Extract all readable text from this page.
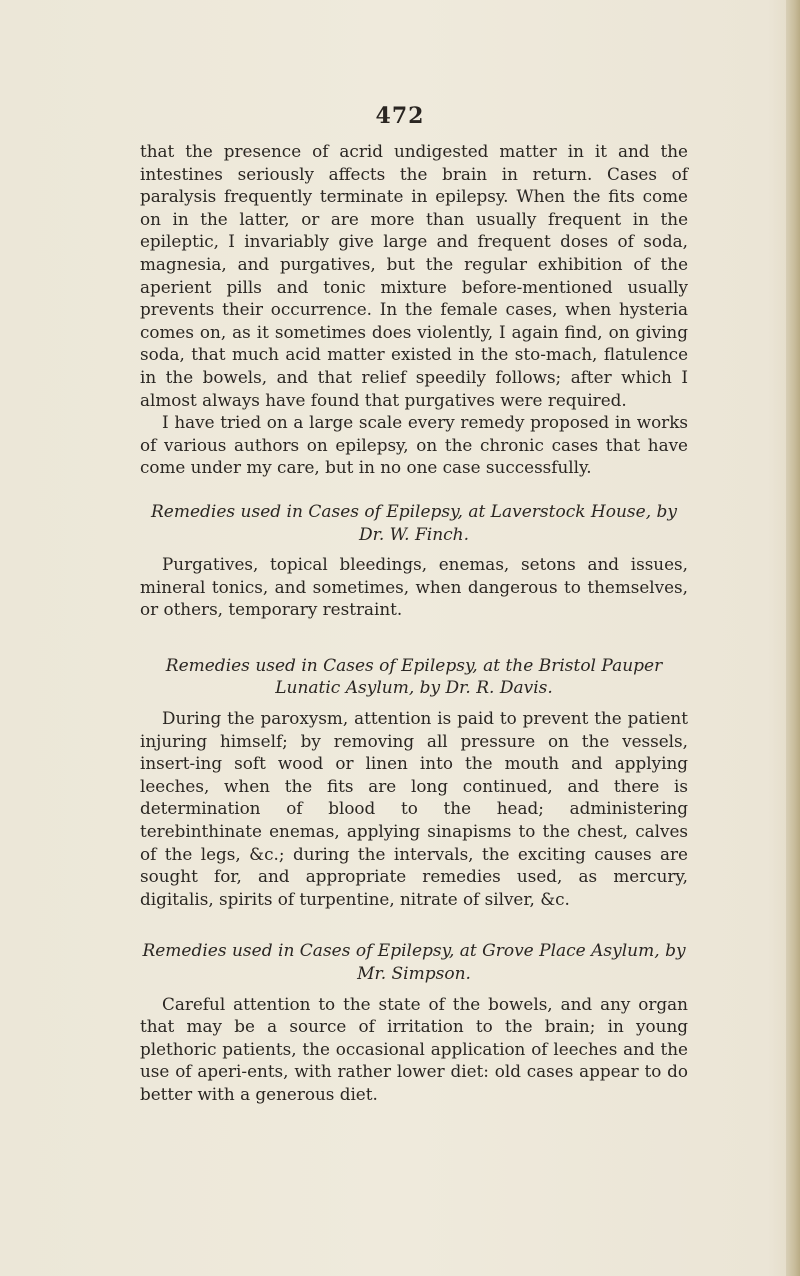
472

that the presence of acrid undigested matter in it and the intestines seriously affects the brain in return. Cases of paralysis frequently terminate in epilepsy. When the fits come on in the latter, or are more than usually frequent in the epileptic, I invariably give large and frequent doses of soda, magnesia, and purgatives, but the regular exhibition of the aperient pills and tonic mixture before-mentioned usually prevents their occurrence. In the female cases, when hysteria comes on, as it sometimes does violently, I again find, on giving soda, that much acid matter existed in the sto-mach, flatulence in the bowels, and that relief speedily follows; after which I almost always have found that purgatives were required.

I have tried on a large scale every remedy proposed in works of various authors on epilepsy, on the chronic cases that have come under my care, but in no one case successfully.

Remedies used in Cases of Epilepsy, at Laverstock House, by Dr. W. Finch.

Purgatives, topical bleedings, enemas, setons and issues, mineral tonics, and sometimes, when dangerous to themselves, or others, temporary restraint.

Remedies used in Cases of Epilepsy, at the Bristol Pauper Lunatic Asylum, by Dr. R. Davis.

During the paroxysm, attention is paid to prevent the patient injuring himself; by removing all pressure on the vessels, insert-ing soft wood or linen into the mouth and applying leeches, when the fits are long continued, and there is determination of blood to the head; administering terebinthinate enemas, applying sinapisms to the chest, calves of the legs, &c.; during the intervals, the exciting causes are sought for, and appropriate remedies used, as mercury, digitalis, spirits of turpentine, nitrate of silver, &c.

Remedies used in Cases of Epilepsy, at Grove Place Asylum, by Mr. Simpson.

Careful attention to the state of the bowels, and any organ that may be a source of irritation to the brain; in young plethoric patients, the occasional application of leeches and the use of aperi-ents, with rather lower diet: old cases appear to do better with a generous diet.
